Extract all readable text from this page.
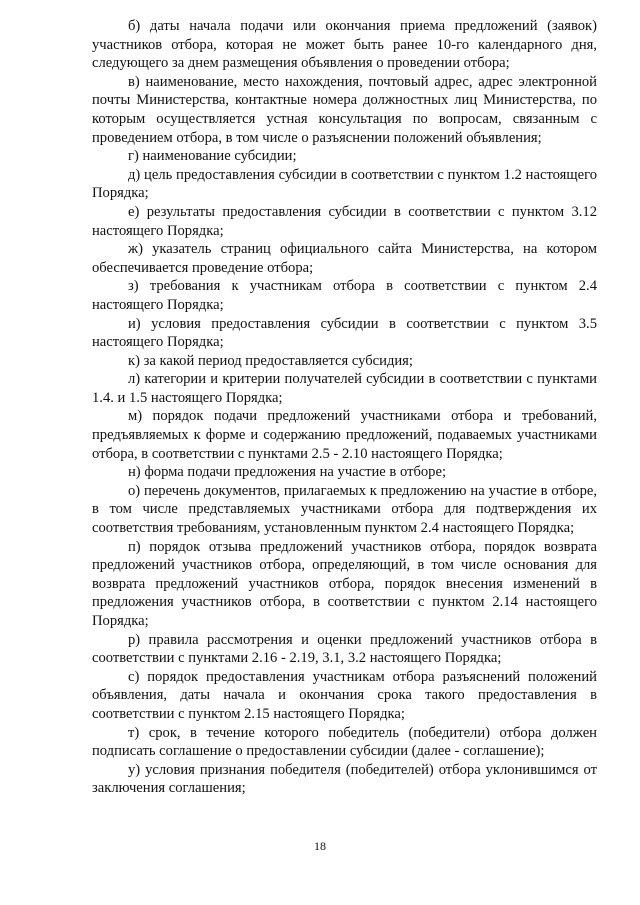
б) даты начала подачи или окончания приема предложений (заявок) участников отбора, которая не может быть ранее 10-го календарного дня, следующего за днем размещения объявления о проведении отбора;

в) наименование, место нахождения, почтовый адрес, адрес электронной почты Министерства, контактные номера должностных лиц Министерства, по которым осуществляется устная консультация по вопросам, связанным с проведением отбора, в том числе о разъяснении положений объявления;

г) наименование субсидии;

д) цель предоставления субсидии в соответствии с пунктом 1.2 настоящего Порядка;

е) результаты предоставления субсидии в соответствии с пунктом 3.12 настоящего Порядка;

ж) указатель страниц официального сайта Министерства, на котором обеспечивается проведение отбора;

з) требования к участникам отбора в соответствии с пунктом 2.4 настоящего Порядка;

и) условия предоставления субсидии в соответствии с пунктом 3.5 настоящего Порядка;

к) за какой период предоставляется субсидия;

л) категории и критерии получателей субсидии в соответствии с пунктами 1.4. и 1.5 настоящего Порядка;

м) порядок подачи предложений участниками отбора и требований, предъявляемых к форме и содержанию предложений, подаваемых участниками отбора, в соответствии с пунктами 2.5 - 2.10 настоящего Порядка;

н) форма подачи предложения на участие в отборе;

о) перечень документов, прилагаемых к предложению на участие в отборе, в том числе представляемых участниками отбора для подтверждения их соответствия требованиям, установленным пунктом 2.4 настоящего Порядка;

п) порядок отзыва предложений участников отбора, порядок возврата предложений участников отбора, определяющий, в том числе основания для возврата предложений участников отбора, порядок внесения изменений в предложения участников отбора, в соответствии с пунктом 2.14 настоящего Порядка;

р) правила рассмотрения и оценки предложений участников отбора в соответствии с пунктами 2.16 - 2.19, 3.1, 3.2 настоящего Порядка;

с) порядок предоставления участникам отбора разъяснений положений объявления, даты начала и окончания срока такого предоставления в соответствии с пунктом 2.15 настоящего Порядка;

т) срок, в течение которого победитель (победители) отбора должен подписать соглашение о предоставлении субсидии (далее - соглашение);

у) условия признания победителя (победителей) отбора уклонившимся от заключения соглашения;

18
